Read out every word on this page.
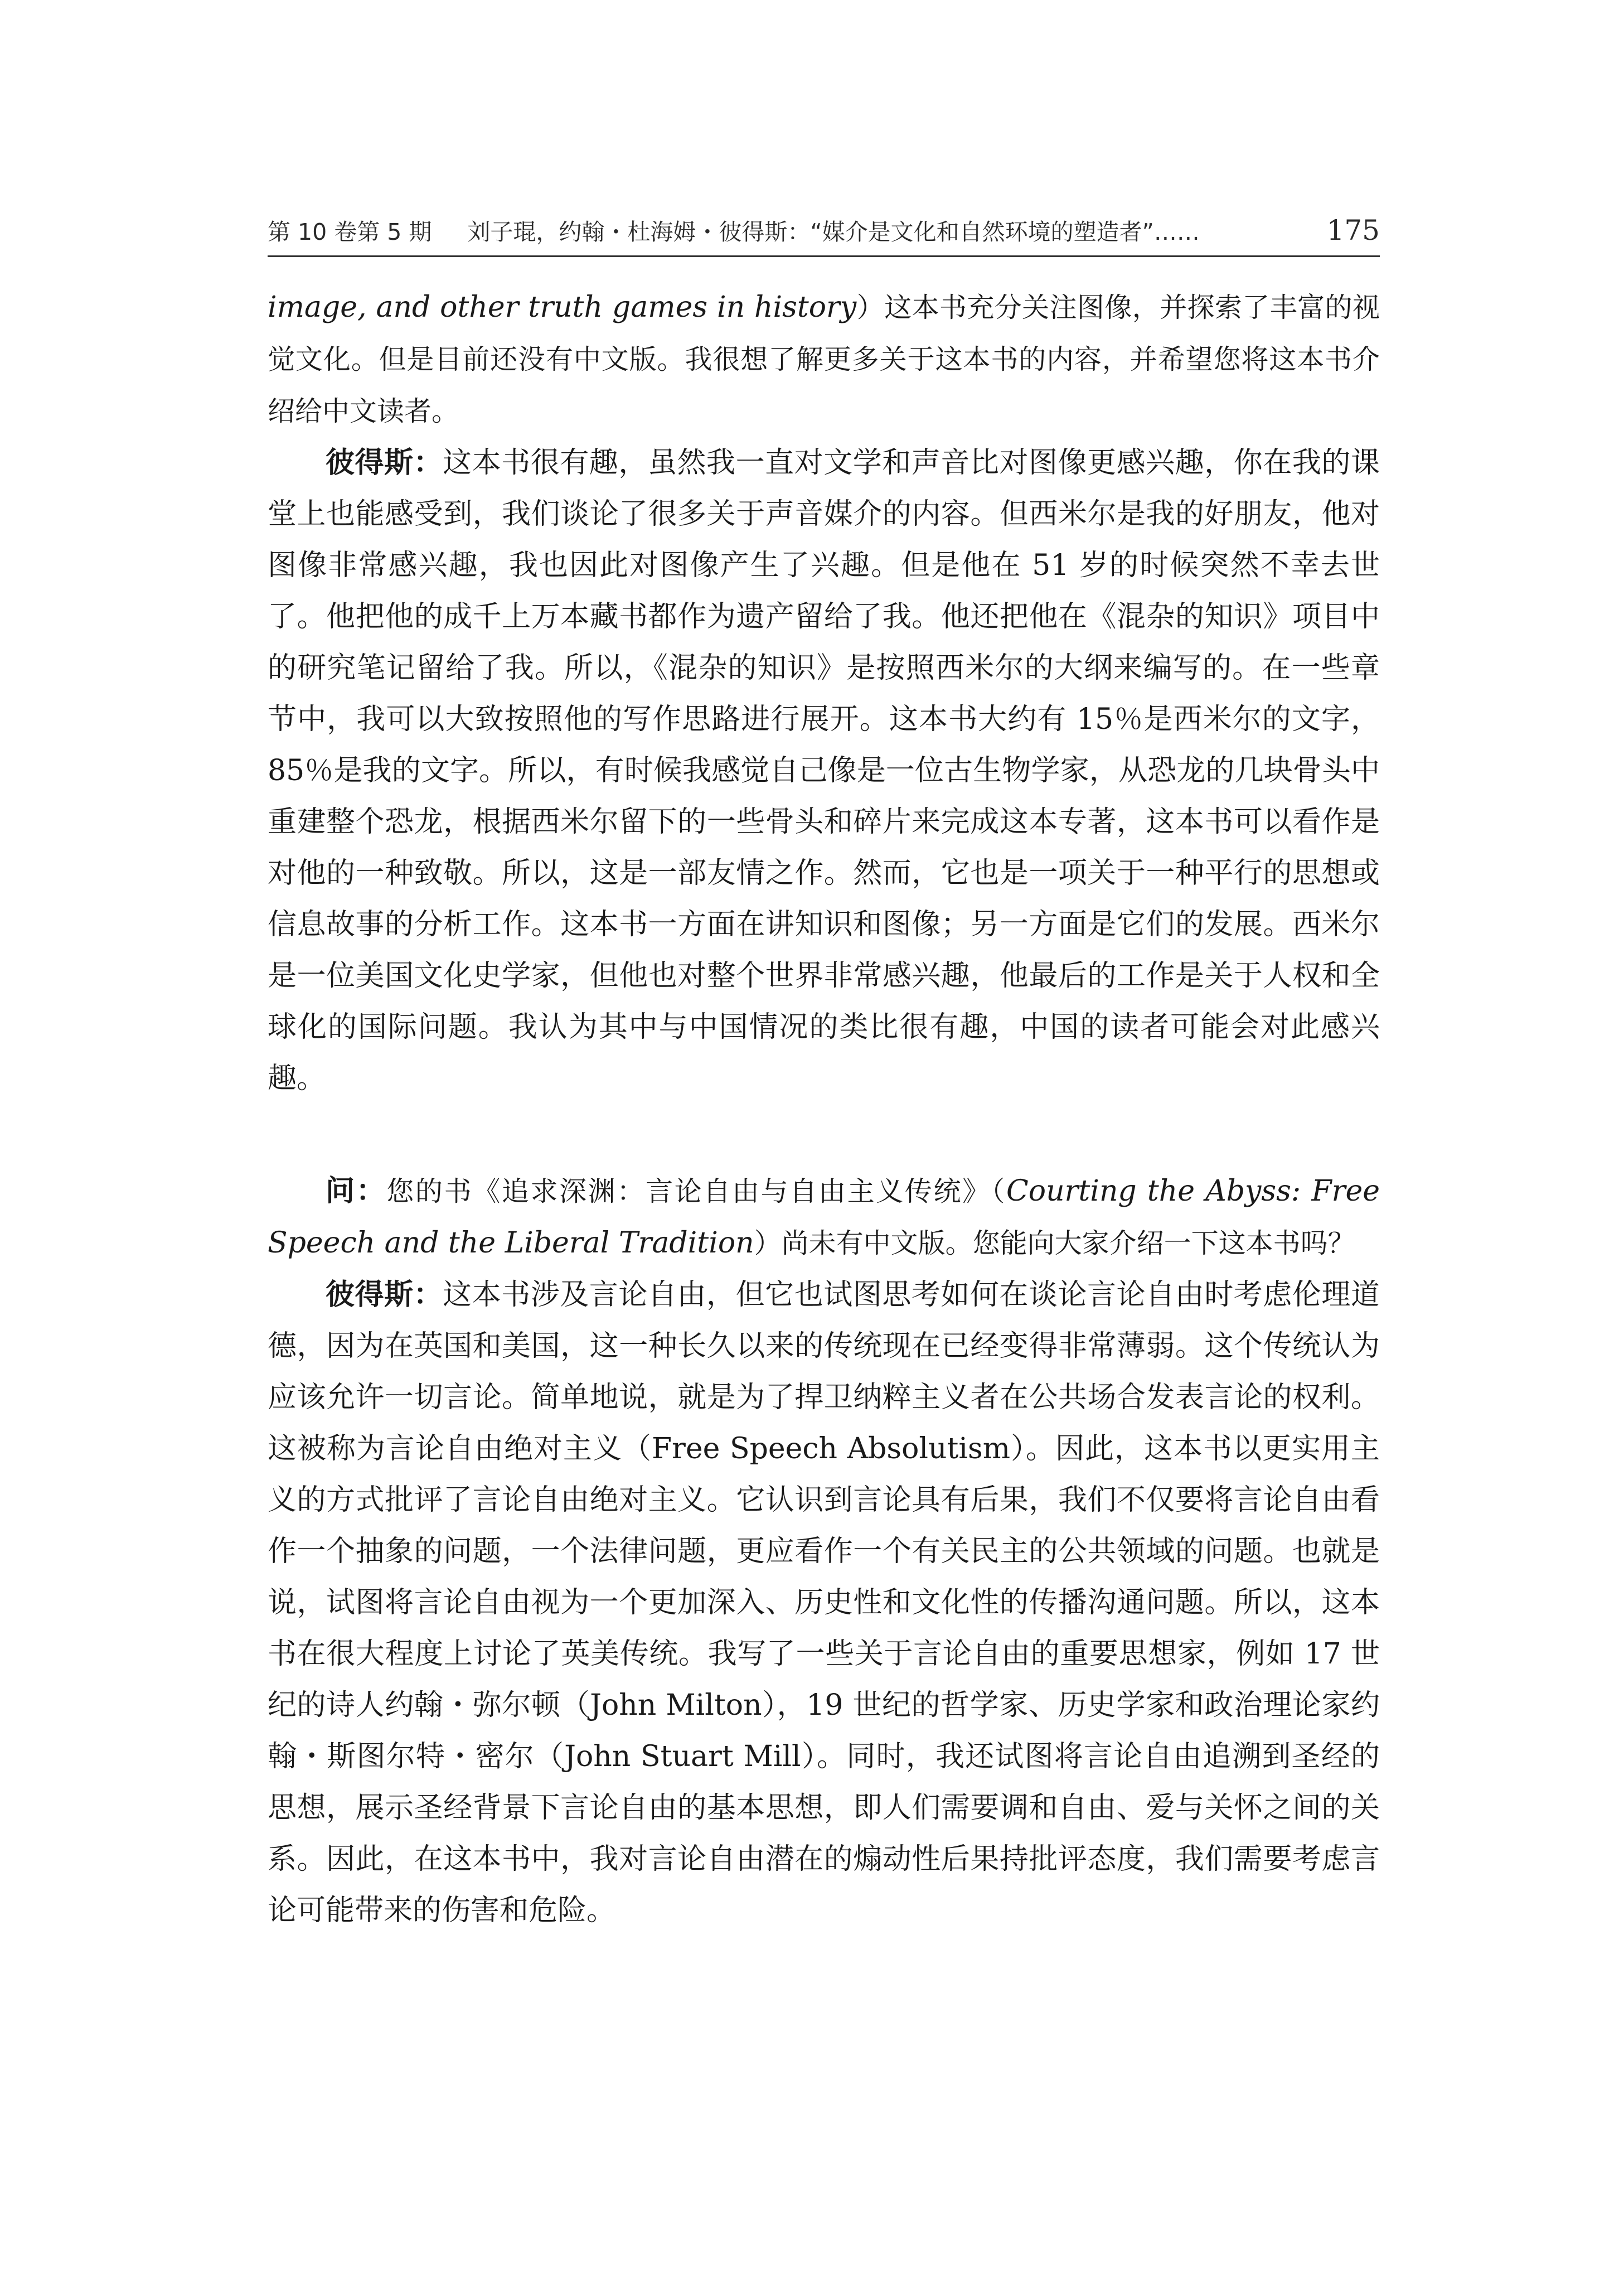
第 10 卷第 5 期 刘子琨，约翰・杜海姆・彼得斯：“媒介是文化和自然环境的塑造者”……	175

image, and other truth games in history）这本书充分关注图像，并探索了丰富的视觉文化。但是目前还没有中文版。我很想了解更多关于这本书的内容，并希望您将这本书介绍给中文读者。

彼得斯：这本书很有趣，虽然我一直对文学和声音比对图像更感兴趣，你在我的课堂上也能感受到，我们谈论了很多关于声音媒介的内容。但西米尔是我的好朋友，他对图像非常感兴趣，我也因此对图像产生了兴趣。但是他在 51 岁的时候突然不幸去世了。他把他的成千上万本藏书都作为遗产留给了我。他还把他在《混杂的知识》项目中的研究笔记留给了我。所以，《混杂的知识》是按照西米尔的大纲来编写的。在一些章节中，我可以大致按照他的写作思路进行展开。这本书大约有 15％是西米尔的文字，85％是我的文字。所以，有时候我感觉自己像是一位古生物学家，从恐龙的几块骨头中重建整个恐龙，根据西米尔留下的一些骨头和碎片来完成这本专著，这本书可以看作是对他的一种致敬。所以，这是一部友情之作。然而，它也是一项关于一种平行的思想或信息故事的分析工作。这本书一方面在讲知识和图像；另一方面是它们的发展。西米尔是一位美国文化史学家，但他也对整个世界非常感兴趣，他最后的工作是关于人权和全球化的国际问题。我认为其中与中国情况的类比很有趣，中国的读者可能会对此感兴趣。

问：您的书《追求深渊：言论自由与自由主义传统》（Courting the Abyss: Free Speech and the Liberal Tradition）尚未有中文版。您能向大家介绍一下这本书吗？

彼得斯：这本书涉及言论自由，但它也试图思考如何在谈论言论自由时考虑伦理道德，因为在英国和美国，这一种长久以来的传统现在已经变得非常薄弱。这个传统认为应该允许一切言论。简单地说，就是为了捍卫纳粹主义者在公共场合发表言论的权利。这被称为言论自由绝对主义（Free Speech Absolutism）。因此，这本书以更实用主义的方式批评了言论自由绝对主义。它认识到言论具有后果，我们不仅要将言论自由看作一个抽象的问题，一个法律问题，更应看作一个有关民主的公共领域的问题。也就是说，试图将言论自由视为一个更加深入、历史性和文化性的传播沟通问题。所以，这本书在很大程度上讨论了英美传统。我写了一些关于言论自由的重要思想家，例如 17 世纪的诗人约翰・弥尔顿（John Milton），19 世纪的哲学家、历史学家和政治理论家约翰・斯图尔特・密尔（John Stuart Mill）。同时，我还试图将言论自由追溯到圣经的思想，展示圣经背景下言论自由的基本思想，即人们需要调和自由、爱与关怀之间的关系。因此，在这本书中，我对言论自由潜在的煽动性后果持批评态度，我们需要考虑言论可能带来的伤害和危险。
